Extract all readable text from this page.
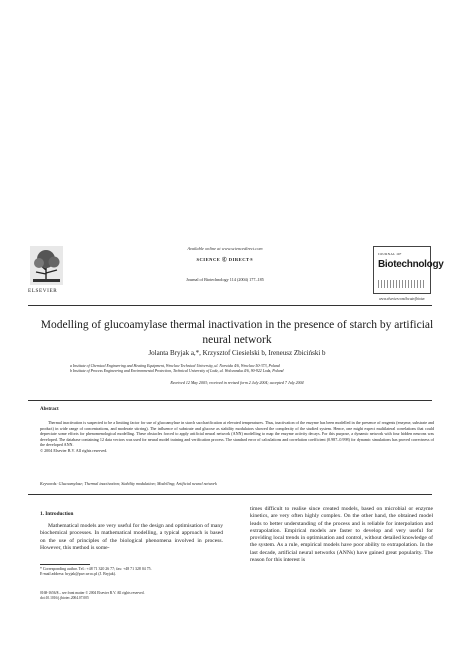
ELSEVIER
Available online at www.sciencedirect.com
SCIENCE ⓓ DIRECT®
Journal of Biotechnology 114 (2004) 177–185
JOURNAL OF
Biotechnology
www.elsevier.com/locate/jbiotec
Modelling of glucoamylase thermal inactivation in the presence of starch by artificial neural network
Jolanta Bryjak a,*, Krzysztof Ciesielski b, Ireneusz Zbiciński b
a Institute of Chemical Engineering and Heating Equipment, Wroclaw Technical University, ul. Norwida 4/6, Wroclaw 50-373, Poland
b Institute of Process Engineering and Environmental Protection, Technical University of Lodz, ul. Wolczanska 4/6, 90-922 Lodz, Poland
Received 12 May 2003; received in revised form 2 July 2004; accepted 7 July 2004
Abstract
Thermal inactivation is suspected to be a limiting factor for use of glucoamylase in starch saccharification at elevated temperatures. Thus, inactivation of the enzyme has been modelled in the presence of reagents (enzyme, substrate and product) in wide range of concentrations, and moderate stirring). The influence of substrate and glucose as stability modulators showed the complexity of the studied system. Hence, one might expect multilateral correlations that could depreciate some efforts for phenomenological modelling. These obstacles forced to apply artificial neural network (ANN) modelling to map the enzyme activity decays. For this purpose, a dynamic network with four hidden neurons was developed. The database containing 12 data vectors was used for neural model training and verification process. The standard error of calculations and correlation coefficient (0.987–0.998) for dynamic simulations has proved correctness of the developed ANN.
© 2004 Elsevier B.V. All rights reserved.
Keywords: Glucoamylase; Thermal inactivation; Stability modulation; Modelling; Artificial neural network
1. Introduction

Mathematical models are very useful for the design and optimisation of many biochemical processes. In mathematical modelling, a typical approach is based on the use of principles of the biological phenomena involved in process. However, this method is some-

times difficult to realise since created models, based on microbial or enzyme kinetics, are very often highly complex. On the other hand, the obtained model leads to better understanding of the process and is reliable for interpolation and extrapolation. Empirical models are faster to develop and very useful for providing local trends in optimisation and control, without detailed knowledge of the system. As a rule, empirical models have poor ability to extrapolation. In the last decade, artificial neural networks (ANNs) have gained great popularity. The reason for this interest is

* Corresponding author. Tel.: +48 71 320 26 77; fax: +48 71 328 04 75.
E-mail address: bryjak@pwr.wroc.pl (J. Bryjak).
0168-1656/$ – see front matter © 2004 Elsevier B.V. All rights reserved.
doi:10.1016/j.jbiotec.2004.07.005
